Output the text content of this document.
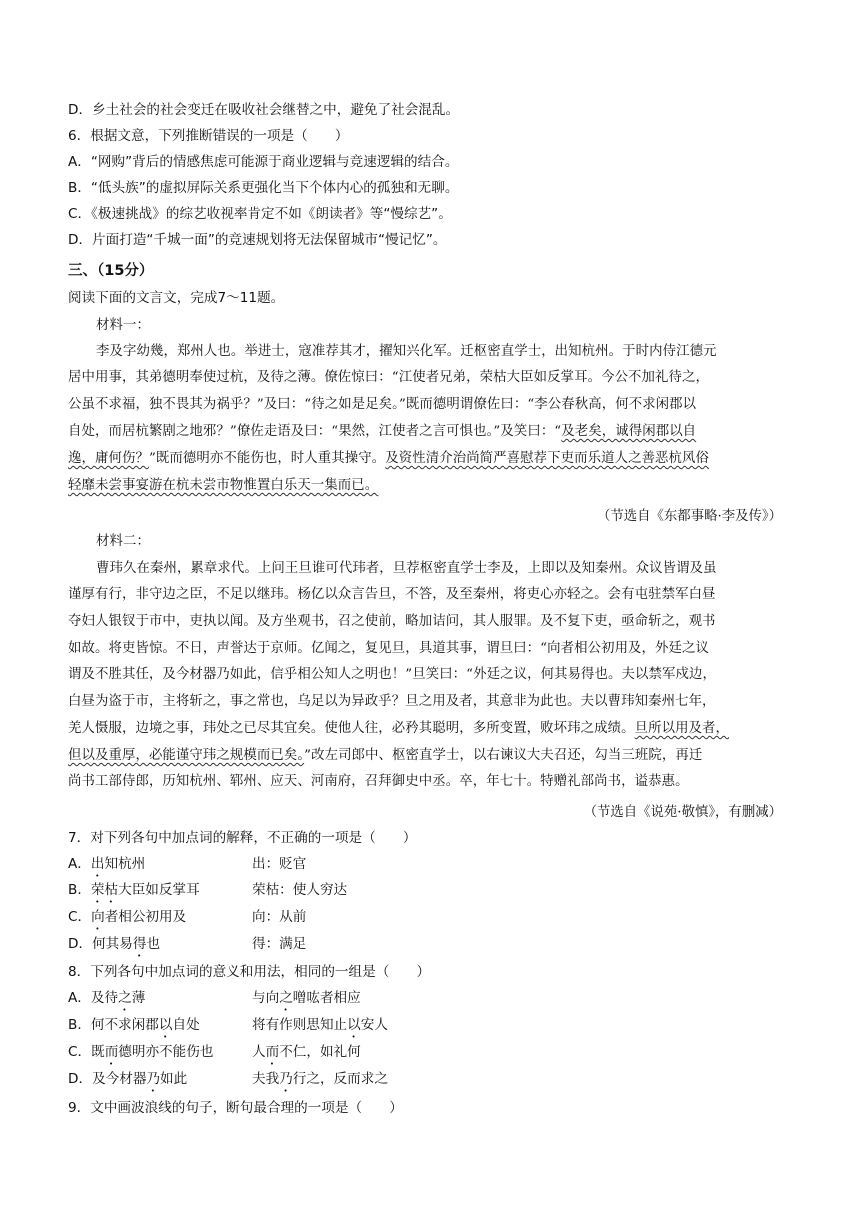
D．乡土社会的社会变迁在吸收社会继替之中，避免了社会混乱。
6．根据文意，下列推断错误的一项是（　　）
A．“网购”背后的情感焦虑可能源于商业逻辑与竞速逻辑的结合。
B．“低头族”的虚拟屏际关系更强化当下个体内心的孤独和无聊。
C．《极速挑战》的综艺收视率肯定不如《朗读者》等“慢综艺”。
D．片面打造“千城一面”的竞速规划将无法保留城市“慢记忆”。
三、（15分）
阅读下面的文言文，完成7～11题。
材料一：
李及字幼幾，郑州人也。举进士，寇准荐其才，擢知兴化军。迁枢密直学士，出知杭州。于时内侍江德元
居中用事，其弟德明奉使过杭，及待之薄。僚佐惊曰：“江使者兄弟，荣枯大臣如反掌耳。今公不加礼待之，
公虽不求福，独不畏其为祸乎？”及曰：“待之如是足矣。”既而德明谓僚佐曰：“李公春秋高，何不求闲郡以
自处，而居杭繁剧之地邪？”僚佐走语及曰：“果然，江使者之言可惧也。”及笑曰：“及老矣，诚得闲郡以自
逸，庸何伤？”既而德明亦不能伤也，时人重其操守。及资性清介治尚简严喜慰荐下吏而乐道人之善恶杭风俗
轻靡未尝事宴游在杭未尝市物惟置白乐天一集而已。
（节选自《东都事略·李及传》）
材料二：
曹玮久在秦州，累章求代。上问王旦谁可代玮者，旦荐枢密直学士李及，上即以及知秦州。众议皆谓及虽
谨厚有行，非守边之臣，不足以继玮。杨亿以众言告旦，不答，及至秦州，将吏心亦轻之。会有屯驻禁军白昼
夺妇人银钗于市中，吏执以闻。及方坐观书，召之使前，略加诘问，其人服罪。及不复下吏，亟命斩之，观书
如故。将吏皆惊。不日，声誉达于京师。亿闻之，复见旦，具道其事，谓旦曰：“向者相公初用及，外廷之议
谓及不胜其任，及今材器乃如此，信乎相公知人之明也！”旦笑曰：“外廷之议，何其易得也。夫以禁军戍边，
白昼为盗于市，主将斩之，事之常也，乌足以为异政乎？旦之用及者，其意非为此也。夫以曹玮知秦州七年，
羌人慑服，边境之事，玮处之已尽其宜矣。使他人往，必矜其聪明，多所变置，败坏玮之成绩。旦所以用及者，
但以及重厚，必能谨守玮之规模而已矣。”改左司郎中、枢密直学士，以右谏议大夫召还，勾当三班院，再迁
尚书工部侍郎，历知杭州、郓州、应天、河南府，召拜御史中丞。卒，年七十。特赠礼部尚书，谥恭惠。
（节选自《说苑·敬慎》，有删减）
7．对下列各句中加点词的解释，不正确的一项是（　　）
A．出知杭州	出：贬官
B．荣枯大臣如反掌耳	荣枯：使人穷达
C．向者相公初用及	向：从前
D．何其易得也	得：满足
8．下列各句中加点词的意义和用法，相同的一组是（　　）
A．及待之薄	与向之噌吰者相应
B．何不求闲郡以自处	将有作则思知止以安人
C．既而德明亦不能伤也	人而不仁，如礼何
D．及今材器乃如此	夫我乃行之，反而求之
9．文中画波浪线的句子，断句最合理的一项是（　　）
